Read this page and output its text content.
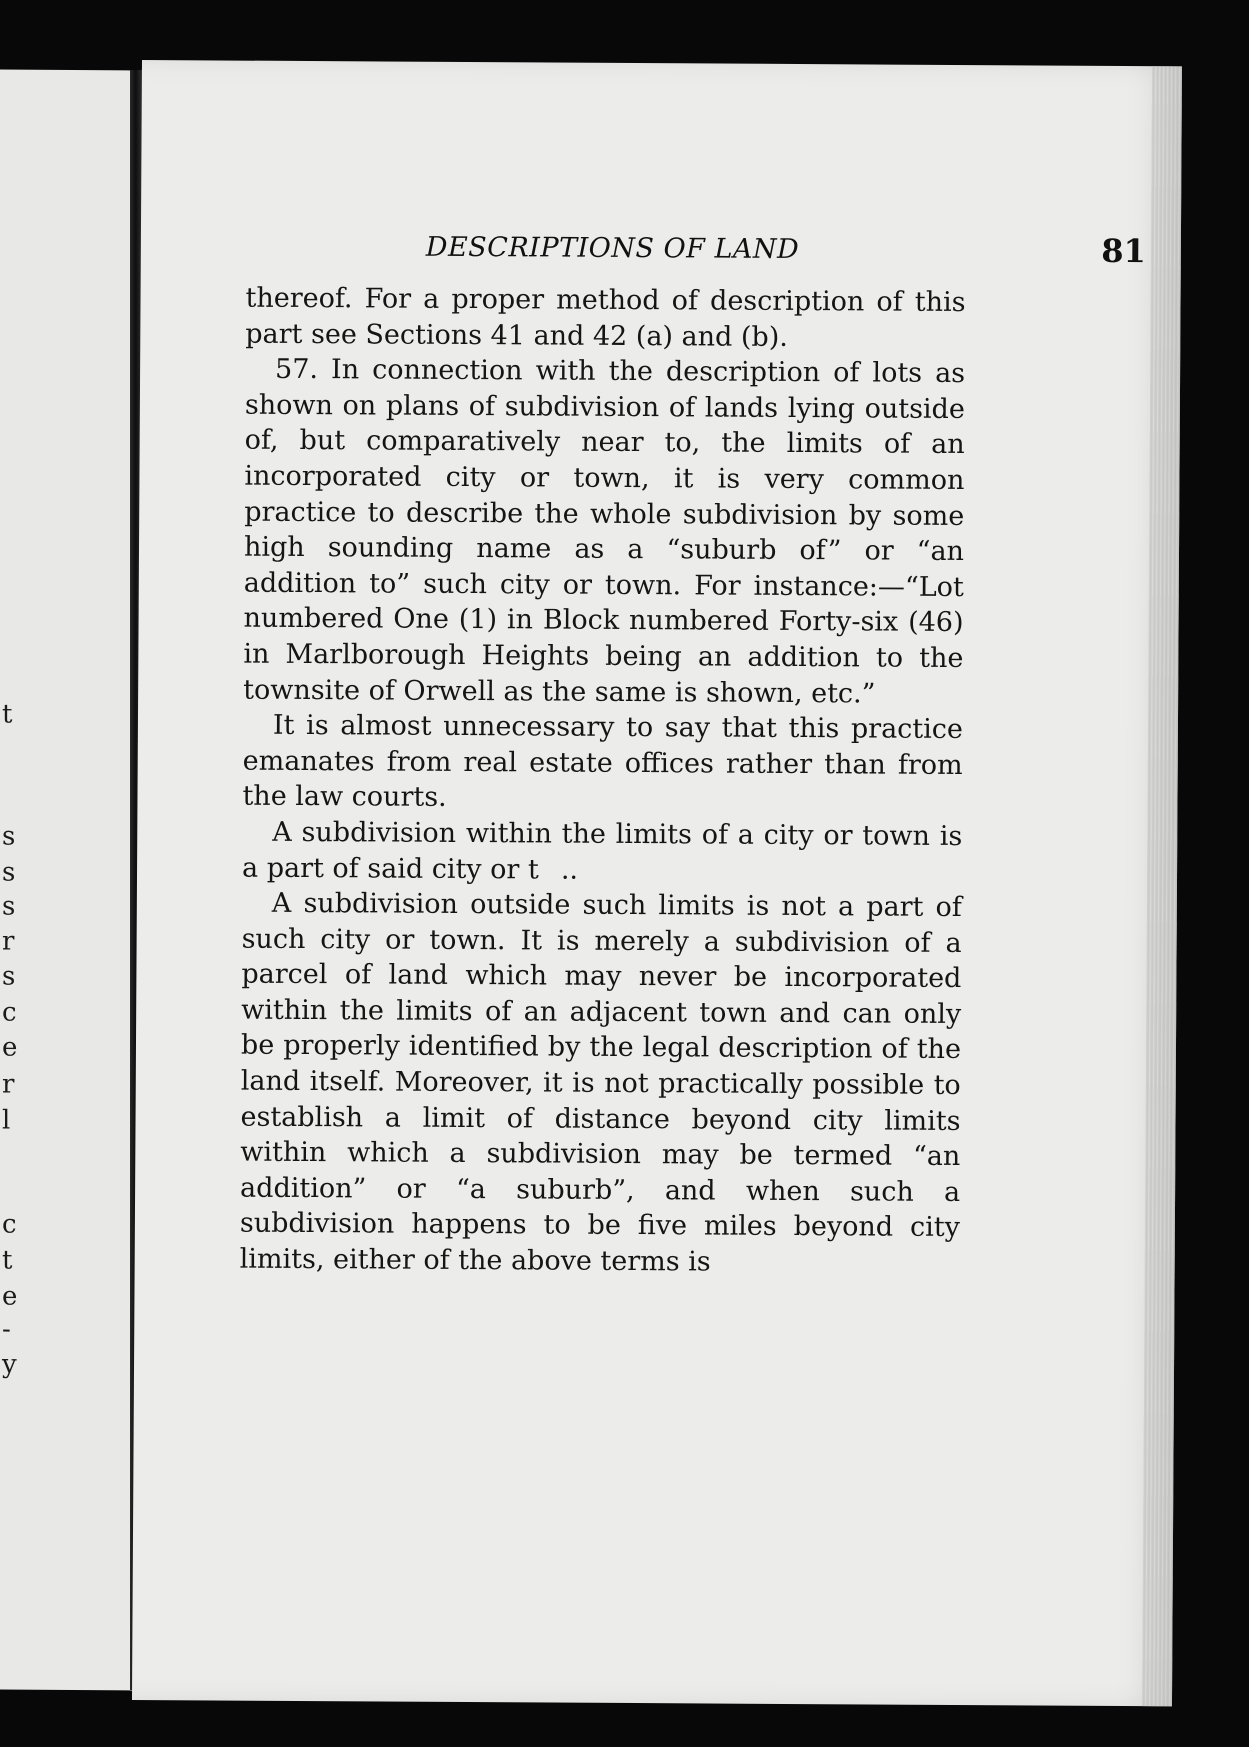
t
s
s
s
r
s
c
e
r
l
c
t
e
-
y
DESCRIPTIONS OF LAND	81

thereof. For a proper method of description of this part see Sections 41 and 42 (a) and (b).

57. In connection with the description of lots as shown on plans of subdivision of lands lying outside of, but comparatively near to, the limits of an incorporated city or town, it is very common practice to describe the whole subdivision by some high sounding name as a “suburb of” or “an addition to” such city or town. For instance:—“Lot numbered One (1) in Block numbered Forty-six (46) in Marlborough Heights being an addition to the townsite of Orwell as the same is shown, etc.”

It is almost unnecessary to say that this practice emanates from real estate offices rather than from the law courts.

A subdivision within the limits of a city or town is a part of said city or t  ..

A subdivision outside such limits is not a part of such city or town. It is merely a subdivision of a parcel of land which may never be incorporated within the limits of an adjacent town and can only be properly identified by the legal description of the land itself. Moreover, it is not practically possible to establish a limit of distance beyond city limits within which a subdivision may be termed “an addition” or “a suburb”, and when such a subdivision happens to be five miles beyond city limits, either of the above terms is
